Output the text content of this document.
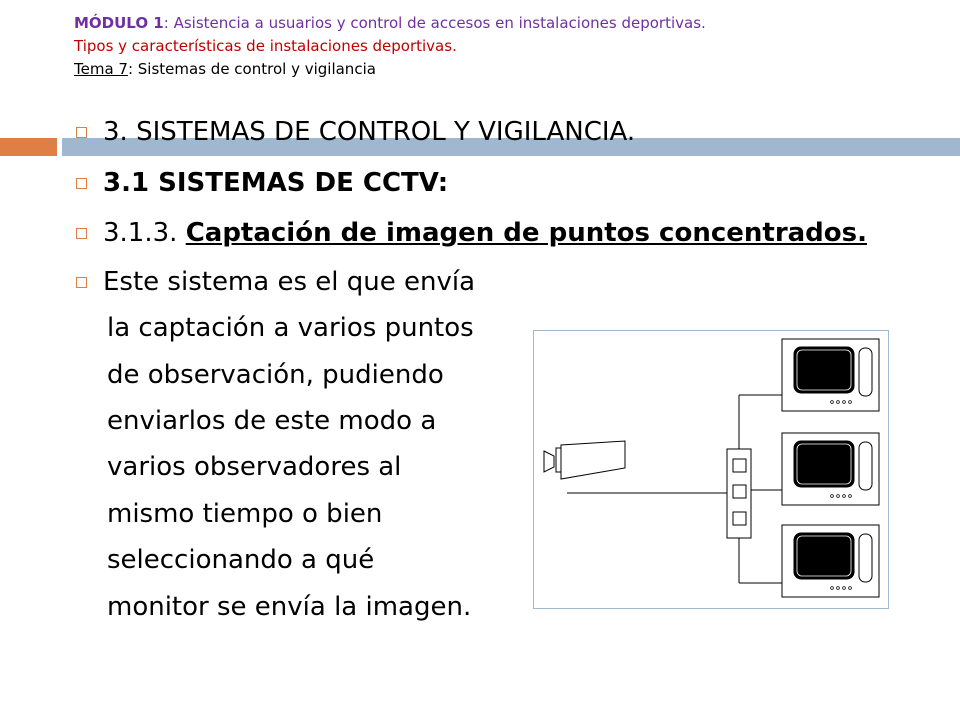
MÓDULO 1: Asistencia a usuarios y control de accesos en instalaciones deportivas.
Tipos y características de instalaciones deportivas.
Tema 7: Sistemas de control y vigilancia
3. SISTEMAS DE CONTROL Y VIGILANCIA.
3.1 SISTEMAS DE CCTV:
3.1.3. Captación de imagen de puntos concentrados.
Este sistema es el que envía
la captación a varios puntos
de observación, pudiendo
enviarlos de este modo a
varios observadores al
mismo tiempo o bien
seleccionando a qué
monitor se envía la imagen.
